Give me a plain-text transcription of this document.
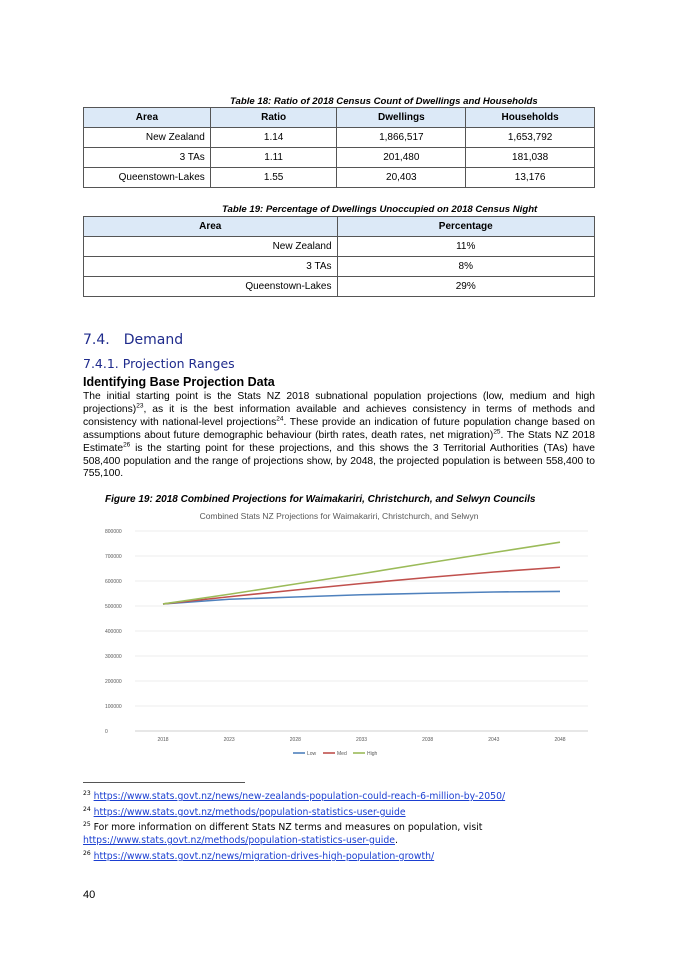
Table 18: Ratio of 2018 Census Count of Dwellings and Households
Area	Ratio	Dwellings	Households
New Zealand	1.14	1,866,517	1,653,792
3 TAs	1.11	201,480	181,038
Queenstown-Lakes	1.55	20,403	13,176
Table 19: Percentage of Dwellings Unoccupied on 2018 Census Night
Area	Percentage
New Zealand	11%
3 TAs	8%
Queenstown-Lakes	29%
7.4. Demand
7.4.1. Projection Ranges
Identifying Base Projection Data
The initial starting point is the Stats NZ 2018 subnational population projections (low, medium and high projections)$^{23}$, as it is the best information available and achieves consistency in terms of methods and consistency with national-level projections$^{24}$. These provide an indication of future population change based on assumptions about future demographic behaviour (birth rates, death rates, net migration)$^{25}$. The Stats NZ 2018 Estimate$^{26}$ is the starting point for these projections, and this shows the 3 Territorial Authorities (TAs) have 508,400 population and the range of projections show, by 2048, the projected population is between 558,400 to 755,100.
Figure 19: 2018 Combined Projections for Waimakariri, Christchurch, and Selwyn Councils
Combined Stats NZ Projections for Waimakariri, Christchurch, and Selwyn
0
100000
200000
300000
400000
500000
600000
700000
800000
2018	2023	2028	2033	2038	2043	2048
Low	Med	High
$^{23}$ https://www.stats.govt.nz/news/new-zealands-population-could-reach-6-million-by-2050/
$^{24}$ https://www.stats.govt.nz/methods/population-statistics-user-guide
$^{25}$ For more information on different Stats NZ terms and measures on population, visit
https://www.stats.govt.nz/methods/population-statistics-user-guide.
$^{26}$ https://www.stats.govt.nz/news/migration-drives-high-population-growth/
40
